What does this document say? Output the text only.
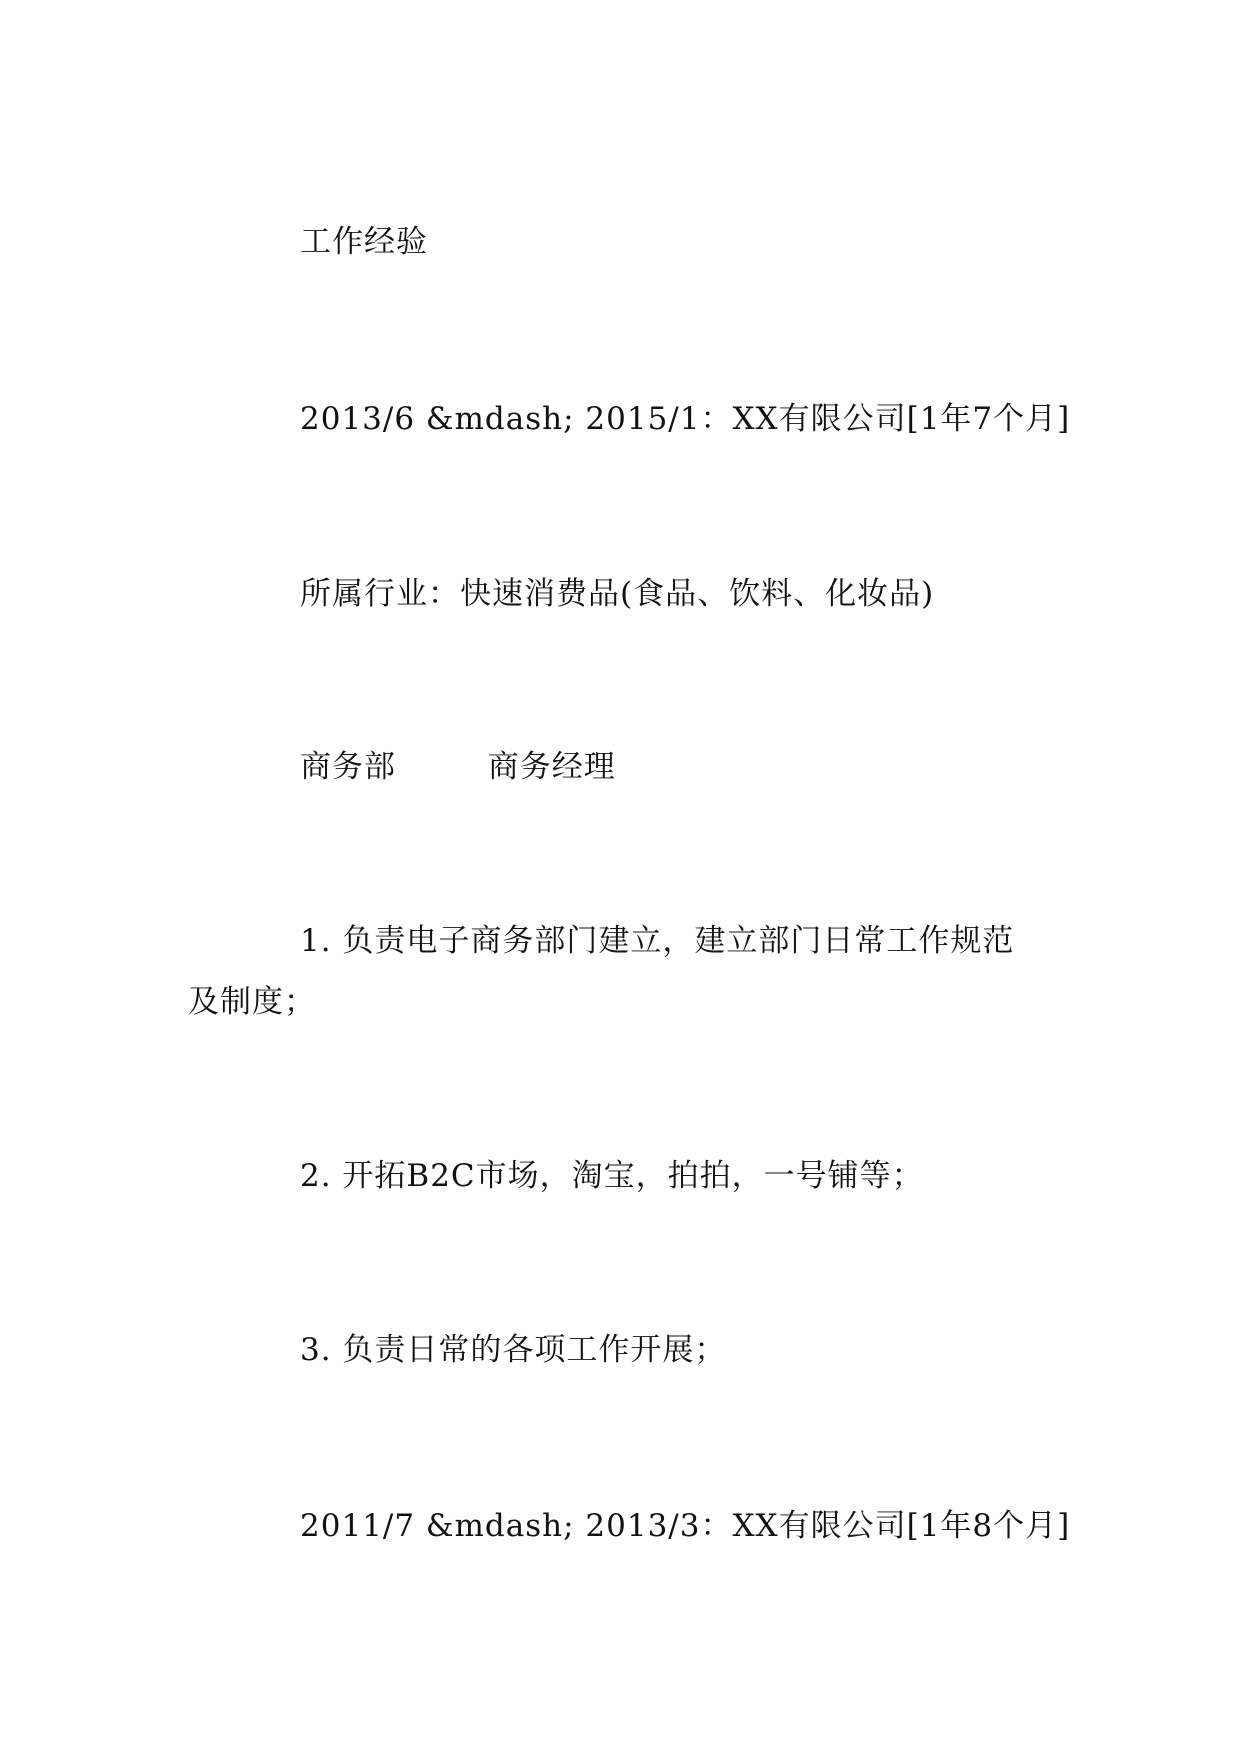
工作经验
2013/6 &mdash; 2015/1：XX有限公司[1年7个月]
所属行业：快速消费品(食品、饮料、化妆品)
商务部	商务经理
1. 负责电子商务部门建立，建立部门日常工作规范
及制度；
2. 开拓B2C市场，淘宝，拍拍，一号铺等；
3. 负责日常的各项工作开展；
2011/7 &mdash; 2013/3：XX有限公司[1年8个月]
